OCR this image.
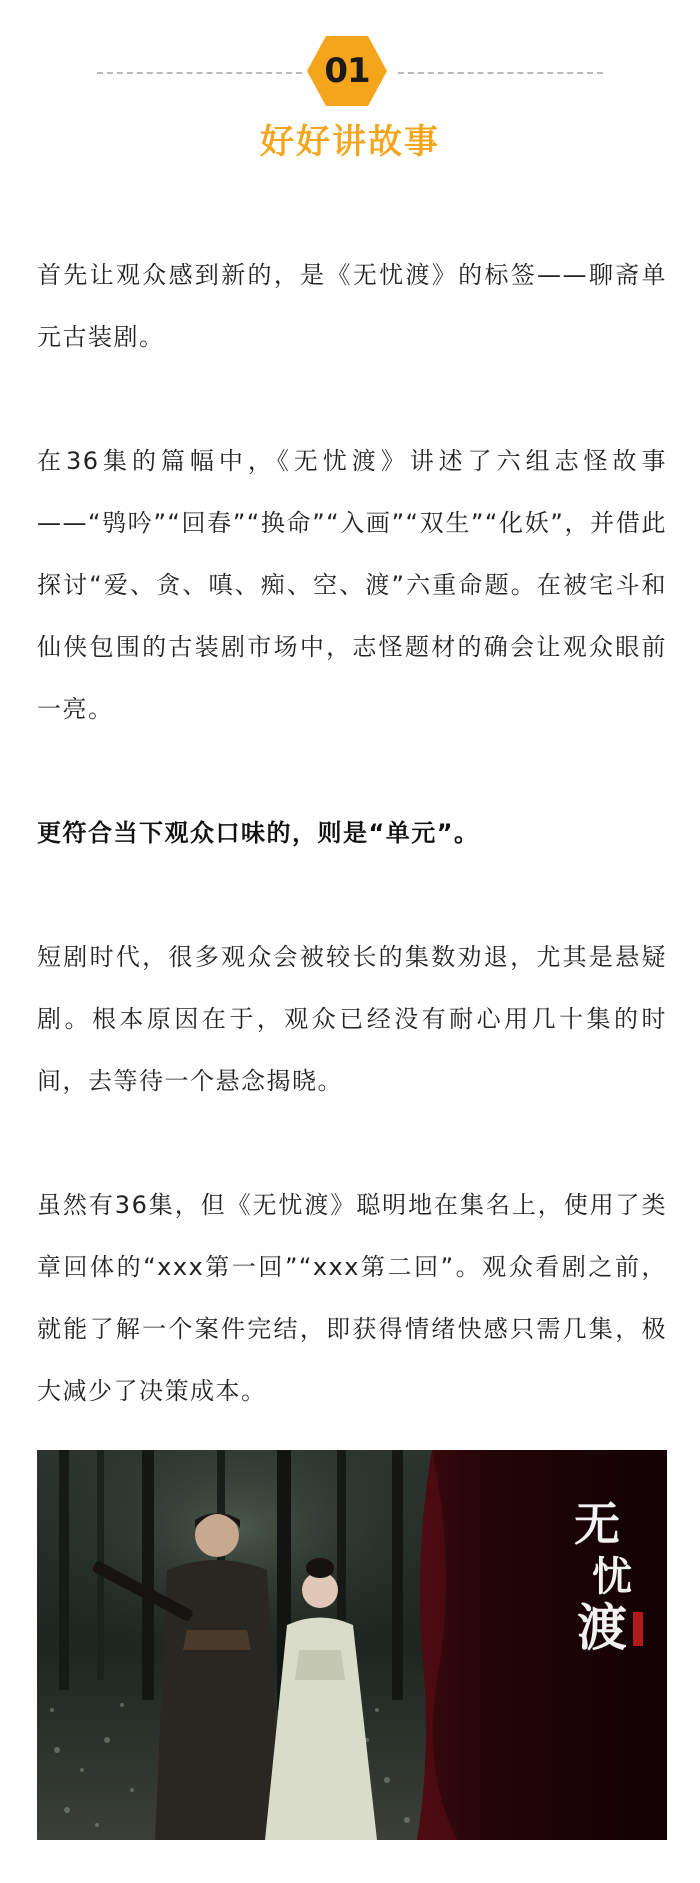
01
好好讲故事

首先让观众感到新的，是《无忧渡》的标签——聊斋单元古装剧。

在36集的篇幅中，《无忧渡》讲述了六组志怪故事——“鸮吟”“回春”“换命”“入画”“双生”“化妖”，并借此探讨“爱、贪、嗔、痴、空、渡”六重命题。在被宅斗和仙侠包围的古装剧市场中，志怪题材的确会让观众眼前一亮。

更符合当下观众口味的，则是“单元”。

短剧时代，很多观众会被较长的集数劝退，尤其是悬疑剧。根本原因在于，观众已经没有耐心用几十集的时间，去等待一个悬念揭晓。

虽然有36集，但《无忧渡》聪明地在集名上，使用了类章回体的“xxx第一回”“xxx第二回”。观众看剧之前，就能了解一个案件完结，即获得情绪快感只需几集，极大减少了决策成本。

无
忧
渡
